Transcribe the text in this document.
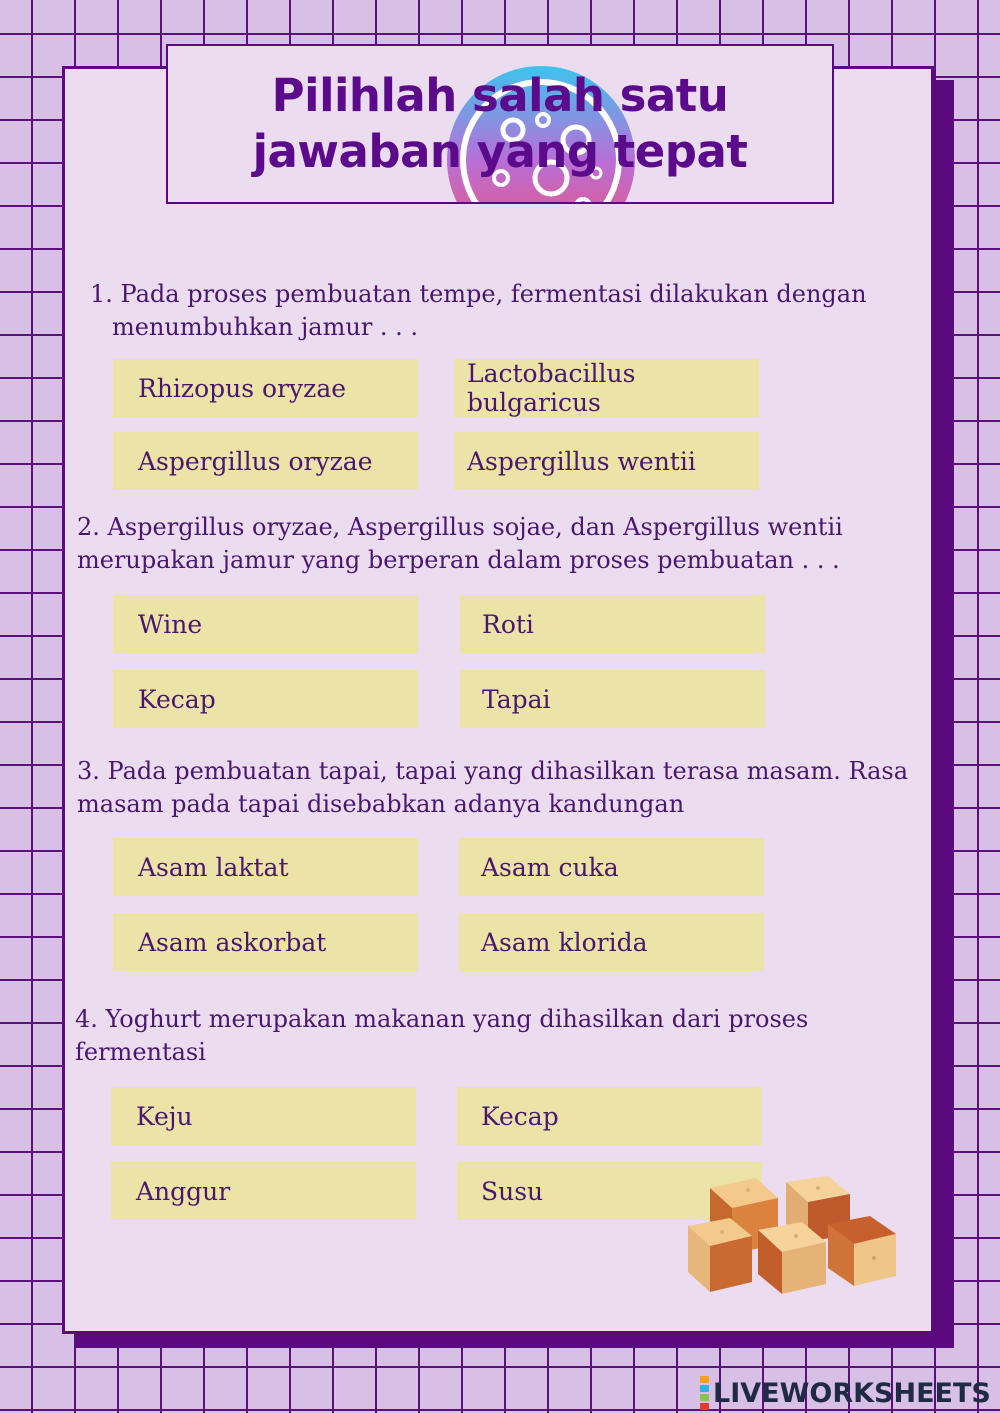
Pilihlah salah satu
jawaban yang tepat
1. Pada proses pembuatan tempe, fermentasi dilakukan dengan
menumbuhkan jamur . . .
Rhizopus oryzae	Lactobacillus bulgaricus
Aspergillus oryzae	Aspergillus wentii
2. Aspergillus oryzae, Aspergillus sojae, dan Aspergillus wentii
merupakan jamur yang berperan dalam proses pembuatan . . .
Wine	Roti
Kecap	Tapai
3. Pada pembuatan tapai, tapai yang dihasilkan terasa masam. Rasa
masam pada tapai disebabkan adanya kandungan
Asam laktat	Asam cuka
Asam askorbat	Asam klorida
4. Yoghurt merupakan makanan yang dihasilkan dari proses
fermentasi
Keju	Kecap
Anggur	Susu
LIVEWORKSHEETS
